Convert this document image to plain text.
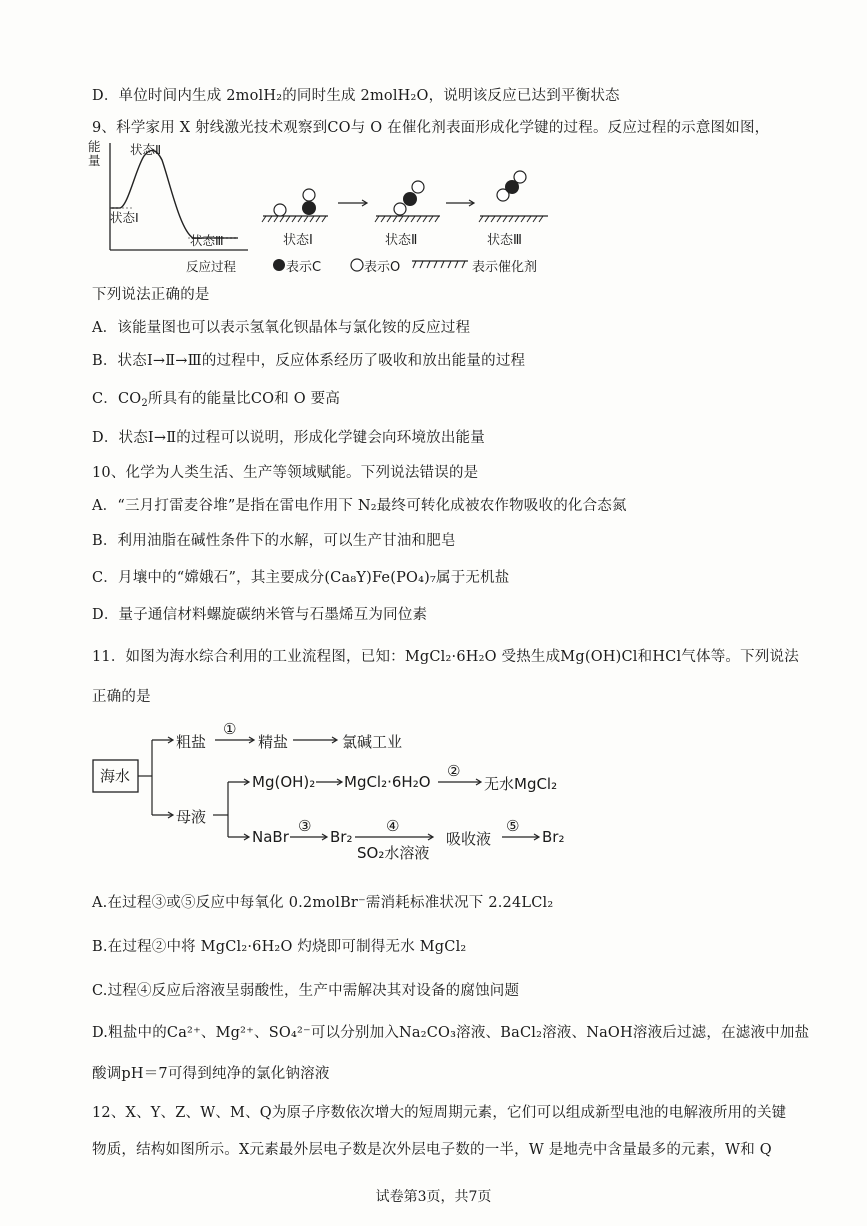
D．单位时间内生成 2molH₂的同时生成 2molH₂O，说明该反应已达到平衡状态
9、科学家用 X 射线激光技术观察到CO与 O 在催化剂表面形成化学键的过程。反应过程的示意图如图，
能量
状态Ⅱ
状态Ⅰ
状态Ⅲ
反应过程
状态Ⅰ	状态Ⅱ	状态Ⅲ
表示C	表示O	表示催化剂
下列说法正确的是
A．该能量图也可以表示氢氧化钡晶体与氯化铵的反应过程
B．状态Ⅰ→Ⅱ→Ⅲ的过程中，反应体系经历了吸收和放出能量的过程
C．$CO_2$所具有的能量比CO和 O 要高
D．状态Ⅰ→Ⅱ的过程可以说明，形成化学键会向环境放出能量
10、化学为人类生活、生产等领域赋能。下列说法错误的是
A．“三月打雷麦谷堆”是指在雷电作用下 N₂最终可转化成被农作物吸收的化合态氮
B．利用油脂在碱性条件下的水解，可以生产甘油和肥皂
C．月壤中的“嫦娥石”，其主要成分(Ca₈Y)Fe(PO₄)₇属于无机盐
D．量子通信材料螺旋碳纳米管与石墨烯互为同位素
11．如图为海水综合利用的工业流程图，已知：MgCl₂·6H₂O 受热生成Mg(OH)Cl和HCl气体等。下列说法
正确的是
海水
粗盐
①
精盐	氯碱工业
母液
Mg(OH)₂ MgCl₂·6H₂O
②
无水MgCl₂
NaBr
③
Br₂
④
SO₂水溶液
吸收液
⑤
Br₂
A.在过程③或⑤反应中每氧化 0.2molBr⁻需消耗标准状况下 2.24LCl₂
B.在过程②中将 MgCl₂·6H₂O 灼烧即可制得无水 MgCl₂
C.过程④反应后溶液呈弱酸性，生产中需解决其对设备的腐蚀问题
D.粗盐中的Ca²⁺、Mg²⁺、SO₄²⁻可以分别加入Na₂CO₃溶液、BaCl₂溶液、NaOH溶液后过滤，在滤液中加盐
酸调pH＝7可得到纯净的氯化钠溶液
12、X、Y、Z、W、M、Q为原子序数依次增大的短周期元素，它们可以组成新型电池的电解液所用的关键
物质，结构如图所示。X元素最外层电子数是次外层电子数的一半，W 是地壳中含量最多的元素，W和 Q
试卷第3页，共7页
